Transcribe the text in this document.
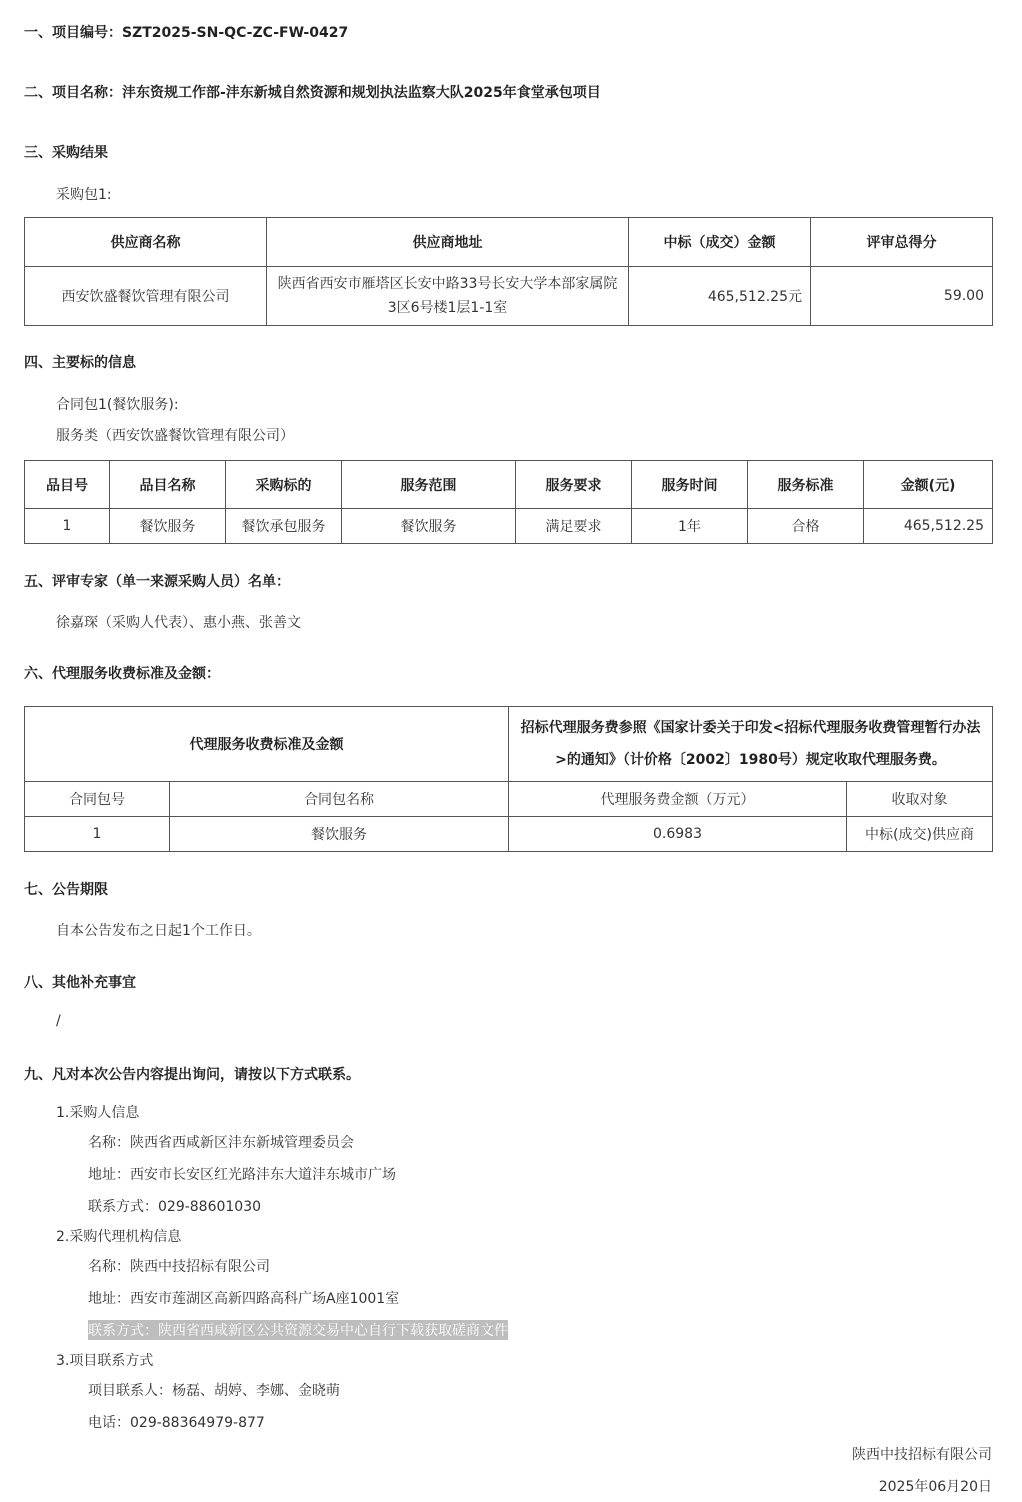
一、项目编号：SZT2025-SN-QC-ZC-FW-0427
二、项目名称：沣东资规工作部-沣东新城自然资源和规划执法监察大队2025年食堂承包项目
三、采购结果
采购包1:
供应商名称	供应商地址	中标（成交）金额	评审总得分
西安饮盛餐饮管理有限公司	陕西省西安市雁塔区长安中路33号长安大学本部家属院
3区6号楼1层1-1室	465,512.25元	59.00
四、主要标的信息
合同包1(餐饮服务):
服务类（西安饮盛餐饮管理有限公司）
品目号	品目名称	采购标的	服务范围	服务要求	服务时间	服务标准	金额(元)
1	餐饮服务	餐饮承包服务	餐饮服务	满足要求	1年	合格	465,512.25
五、评审专家（单一来源采购人员）名单：
徐嘉琛（采购人代表）、惠小燕、张善文
六、代理服务收费标准及金额：
代理服务收费标准及金额		招标代理服务费参照《国家计委关于印发<招标代理服务收费管理暂行办法
>的通知》（计价格〔2002〕1980号）规定收取代理服务费。	

合同包号	合同包名称	代理服务费金额（万元）	收取对象
1	餐饮服务	0.6983	中标(成交)供应商
七、公告期限
自本公告发布之日起1个工作日。
八、其他补充事宜
/
九、凡对本次公告内容提出询问，请按以下方式联系。
1.采购人信息
名称：陕西省西咸新区沣东新城管理委员会
地址：西安市长安区红光路沣东大道沣东城市广场
联系方式：029-88601030
2.采购代理机构信息
名称：陕西中技招标有限公司
地址：西安市莲湖区高新四路高科广场A座1001室
联系方式：陕西省西咸新区公共资源交易中心自行下载获取磋商文件
3.项目联系方式
项目联系人：杨磊、胡婷、李娜、金晓萌
电话：029-88364979-877
陕西中技招标有限公司
2025年06月20日
